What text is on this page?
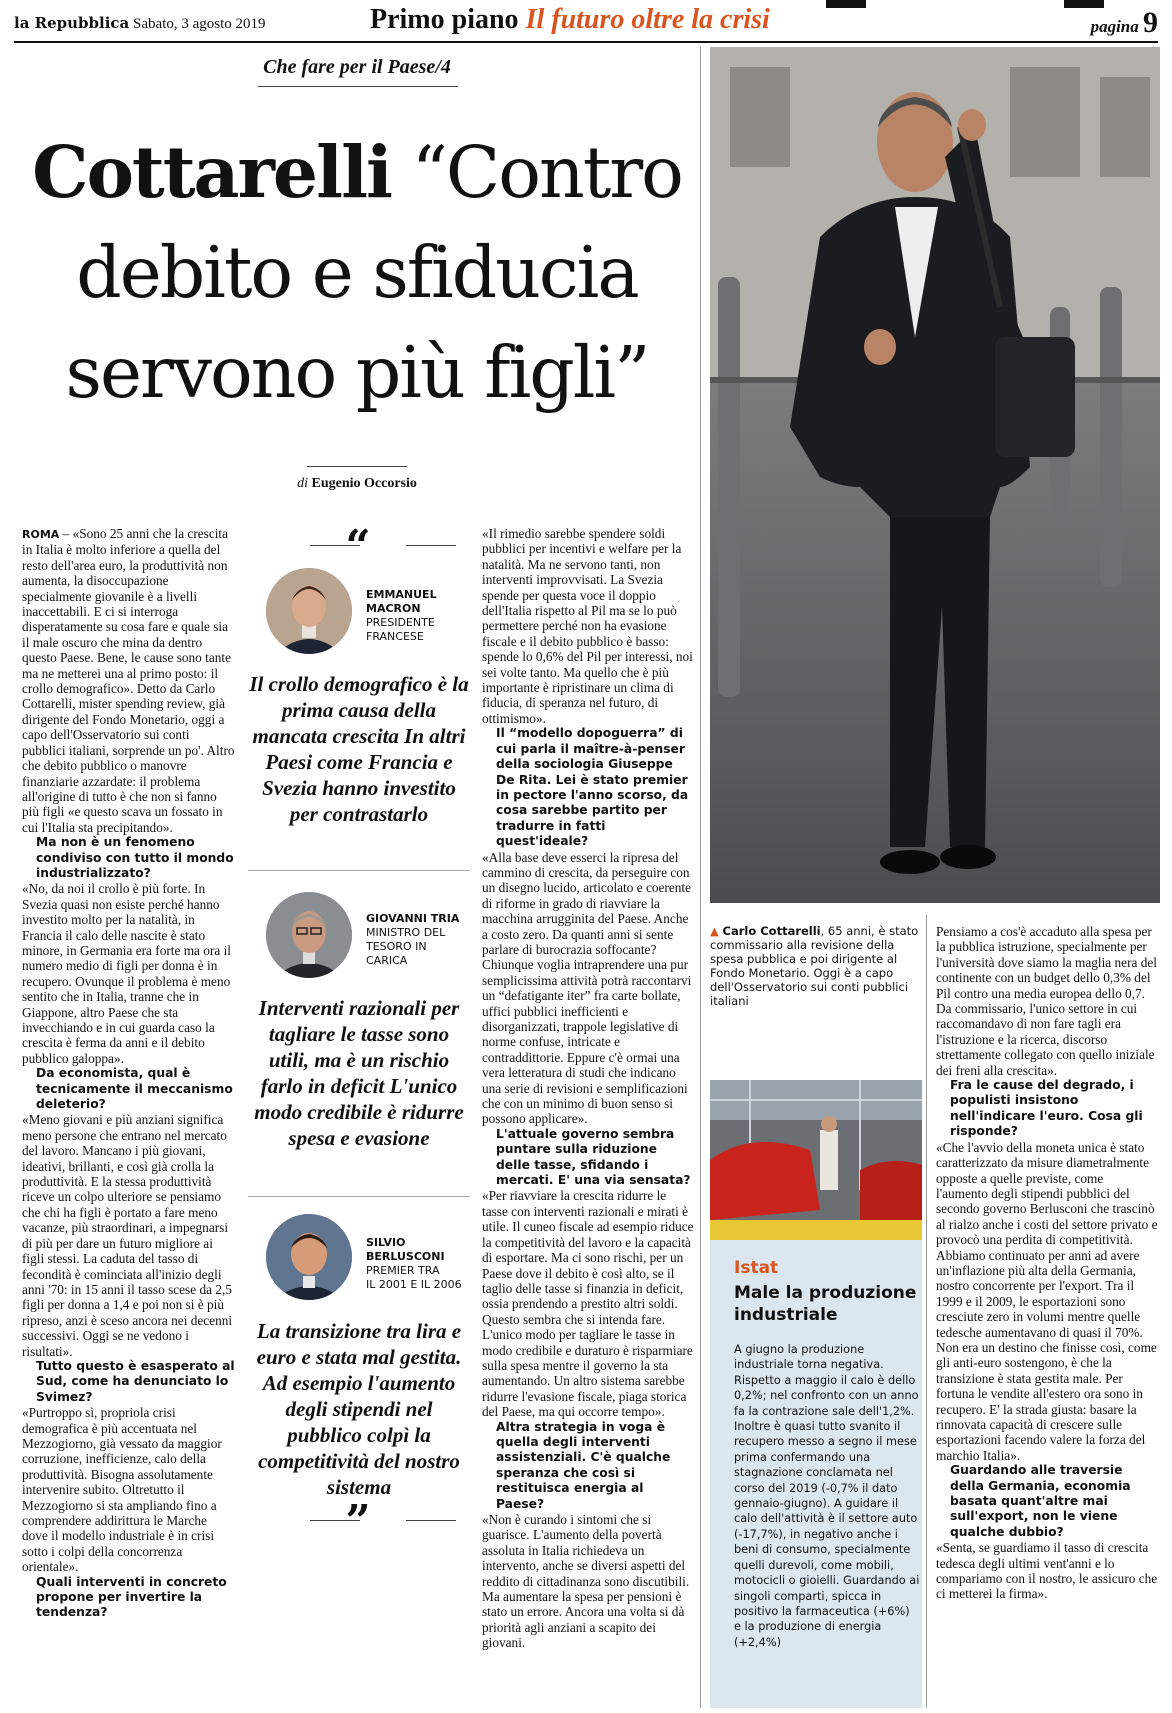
la Repubblica Sabato, 3 agosto 2019	Primo piano Il futuro oltre la crisi	pagina 9
Che fare per il Paese/4
Cottarelli “Contro
debito e sfiducia
servono più figli”
di Eugenio Occorsio

ROMA – «Sono 25 anni che la crescita in Italia è molto inferiore a quella del resto dell'area euro, la produttività non aumenta, la disoccupazione specialmente giovanile è a livelli inaccettabili. E ci si interroga disperatamente su cosa fare e quale sia il male oscuro che mina da dentro questo Paese. Bene, le cause sono tante ma ne metterei una al primo posto: il crollo demografico». Detto da Carlo Cottarelli, mister spending review, già dirigente del Fondo Monetario, oggi a capo dell'Osservatorio sui conti pubblici italiani, sorprende un po'. Altro che debito pubblico o manovre finanziarie azzardate: il problema all'origine di tutto è che non si fanno più figli «e questo scava un fossato in cui l'Italia sta precipitando».

Ma non è un fenomeno condiviso con tutto il mondo industrializzato?

«No, da noi il crollo è più forte. In Svezia quasi non esiste perché hanno investito molto per la natalità, in Francia il calo delle nascite è stato minore, in Germania era forte ma ora il numero medio di figli per donna è in recupero. Ovunque il problema è meno sentito che in Italia, tranne che in Giappone, altro Paese che sta invecchiando e in cui guarda caso la crescita è ferma da anni e il debito pubblico galoppa».

Da economista, qual è tecnicamente il meccanismo deleterio?

«Meno giovani e più anziani significa meno persone che entrano nel mercato del lavoro. Mancano i più giovani, ideativi, brillanti, e così già crolla la produttività. E la stessa produttività riceve un colpo ulteriore se pensiamo che chi ha figli è portato a fare meno vacanze, più straordinari, a impegnarsi di più per dare un futuro migliore ai figli stessi. La caduta del tasso di fecondità è cominciata all'inizio degli anni '70: in 15 anni il tasso scese da 2,5 figli per donna a 1,4 e poi non si è più ripreso, anzi è sceso ancora nei decenni successivi. Oggi se ne vedono i risultati».

Tutto questo è esasperato al Sud, come ha denunciato lo Svimez?

«Purtroppo sì, propriola crisi demografica è più accentuata nel Mezzogiorno, già vessato da maggior corruzione, inefficienze, calo della produttività. Bisogna assolutamente intervenire subito. Oltretutto il Mezzogiorno si sta ampliando fino a comprendere addirittura le Marche dove il modello industriale è in crisi sotto i colpi della concorrenza orientale».

Quali interventi in concreto propone per invertire la tendenza?

“
EMMANUEL
MACRON
PRESIDENTE
FRANCESE
Il crollo demografico è la prima causa della mancata crescita In altri Paesi come Francia e Svezia hanno investito per contrastarlo
GIOVANNI TRIA
MINISTRO DEL
TESORO IN
CARICA
Interventi razionali per tagliare le tasse sono utili, ma è un rischio farlo in deficit L'unico modo credibile è ridurre spesa e evasione
SILVIO
BERLUSCONI
PREMIER TRA
IL 2001 E IL 2006
La transizione tra lira e euro e stata mal gestita. Ad esempio l'aumento degli stipendi nel pubblico colpì la competitività del nostro sistema
”

«Il rimedio sarebbe spendere soldi pubblici per incentivi e welfare per la natalità. Ma ne servono tanti, non interventi improvvisati. La Svezia spende per questa voce il doppio dell'Italia rispetto al Pil ma se lo può permettere perché non ha evasione fiscale e il debito pubblico è basso: spende lo 0,6% del Pil per interessi, noi sei volte tanto. Ma quello che è più importante è ripristinare un clima di fiducia, di speranza nel futuro, di ottimismo».

Il “modello dopoguerra” di cui parla il maître-à-penser della sociologia Giuseppe De Rita. Lei è stato premier in pectore l'anno scorso, da cosa sarebbe partito per tradurre in fatti quest'ideale?

«Alla base deve esserci la ripresa del cammino di crescita, da perseguire con un disegno lucido, articolato e coerente di riforme in grado di riavviare la macchina arrugginita del Paese. Anche a costo zero. Da quanti anni si sente parlare di burocrazia soffocante? Chiunque voglia intraprendere una pur semplicissima attività potrà raccontarvi un “defatigante iter” fra carte bollate, uffici pubblici inefficienti e disorganizzati, trappole legislative di norme confuse, intricate e contraddittorie. Eppure c'è ormai una vera letteratura di studi che indicano una serie di revisioni e semplificazioni che con un minimo di buon senso si possono applicare».

L'attuale governo sembra puntare sulla riduzione delle tasse, sfidando i mercati. E' una via sensata?

«Per riavviare la crescita ridurre le tasse con interventi razionali e mirati è utile. Il cuneo fiscale ad esempio riduce la competitività del lavoro e la capacità di esportare. Ma ci sono rischi, per un Paese dove il debito è così alto, se il taglio delle tasse si finanzia in deficit, ossia prendendo a prestito altri soldi. Questo sembra che si intenda fare. L'unico modo per tagliare le tasse in modo credibile e duraturo è risparmiare sulla spesa mentre il governo la sta aumentando. Un altro sistema sarebbe ridurre l'evasione fiscale, piaga storica del Paese, ma qui occorre tempo».

Altra strategia in voga è quella degli interventi assistenziali. C'è qualche speranza che così si restituisca energia al Paese?

«Non è curando i sintomi che si guarisce. L'aumento della povertà assoluta in Italia richiedeva un intervento, anche se diversi aspetti del reddito di cittadinanza sono discutibili. Ma aumentare la spesa per pensioni è stato un errore. Ancora una volta si dà priorità agli anziani a scapito dei giovani.

▲ Carlo Cottarelli, 65 anni, è stato commissario alla revisione della spesa pubblica e poi dirigente al Fondo Monetario. Oggi è a capo dell'Osservatorio sui conti pubblici italiani
Istat
Male la produzione industriale
A giugno la produzione industriale torna negativa. Rispetto a maggio il calo è dello 0,2%; nel confronto con un anno fa la contrazione sale dell'1,2%. Inoltre è quasi tutto svanito il recupero messo a segno il mese prima confermando una stagnazione conclamata nel corso del 2019 (-0,7% il dato gennaio-giugno). A guidare il calo dell'attività è il settore auto (-17,7%), in negativo anche i beni di consumo, specialmente quelli durevoli, come mobili, motocicli o gioielli. Guardando ai singoli comparti, spicca in positivo la farmaceutica (+6%) e la produzione di energia (+2,4%)

Pensiamo a cos'è accaduto alla spesa per la pubblica istruzione, specialmente per l'università dove siamo la maglia nera del continente con un budget dello 0,3% del Pil contro una media europea dello 0,7. Da commissario, l'unico settore in cui raccomandavo di non fare tagli era l'istruzione e la ricerca, discorso strettamente collegato con quello iniziale dei freni alla crescita».

Fra le cause del degrado, i populisti insistono nell'indicare l'euro. Cosa gli risponde?

«Che l'avvio della moneta unica è stato caratterizzato da misure diametralmente opposte a quelle previste, come l'aumento degli stipendi pubblici del secondo governo Berlusconi che trascinò al rialzo anche i costi del settore privato e provocò una perdita di competitività. Abbiamo continuato per anni ad avere un'inflazione più alta della Germania, nostro concorrente per l'export. Tra il 1999 e il 2009, le esportazioni sono cresciute zero in volumi mentre quelle tedesche aumentavano di quasi il 70%. Non era un destino che finisse così, come gli anti-euro sostengono, è che la transizione è stata gestita male. Per fortuna le vendite all'estero ora sono in recupero. E' la strada giusta: basare la rinnovata capacità di crescere sulle esportazioni facendo valere la forza del marchio Italia».

Guardando alle traversie della Germania, economia basata quant'altre mai sull'export, non le viene qualche dubbio?

«Senta, se guardiamo il tasso di crescita tedesca degli ultimi vent'anni e lo compariamo con il nostro, le assicuro che ci metterei la firma».
